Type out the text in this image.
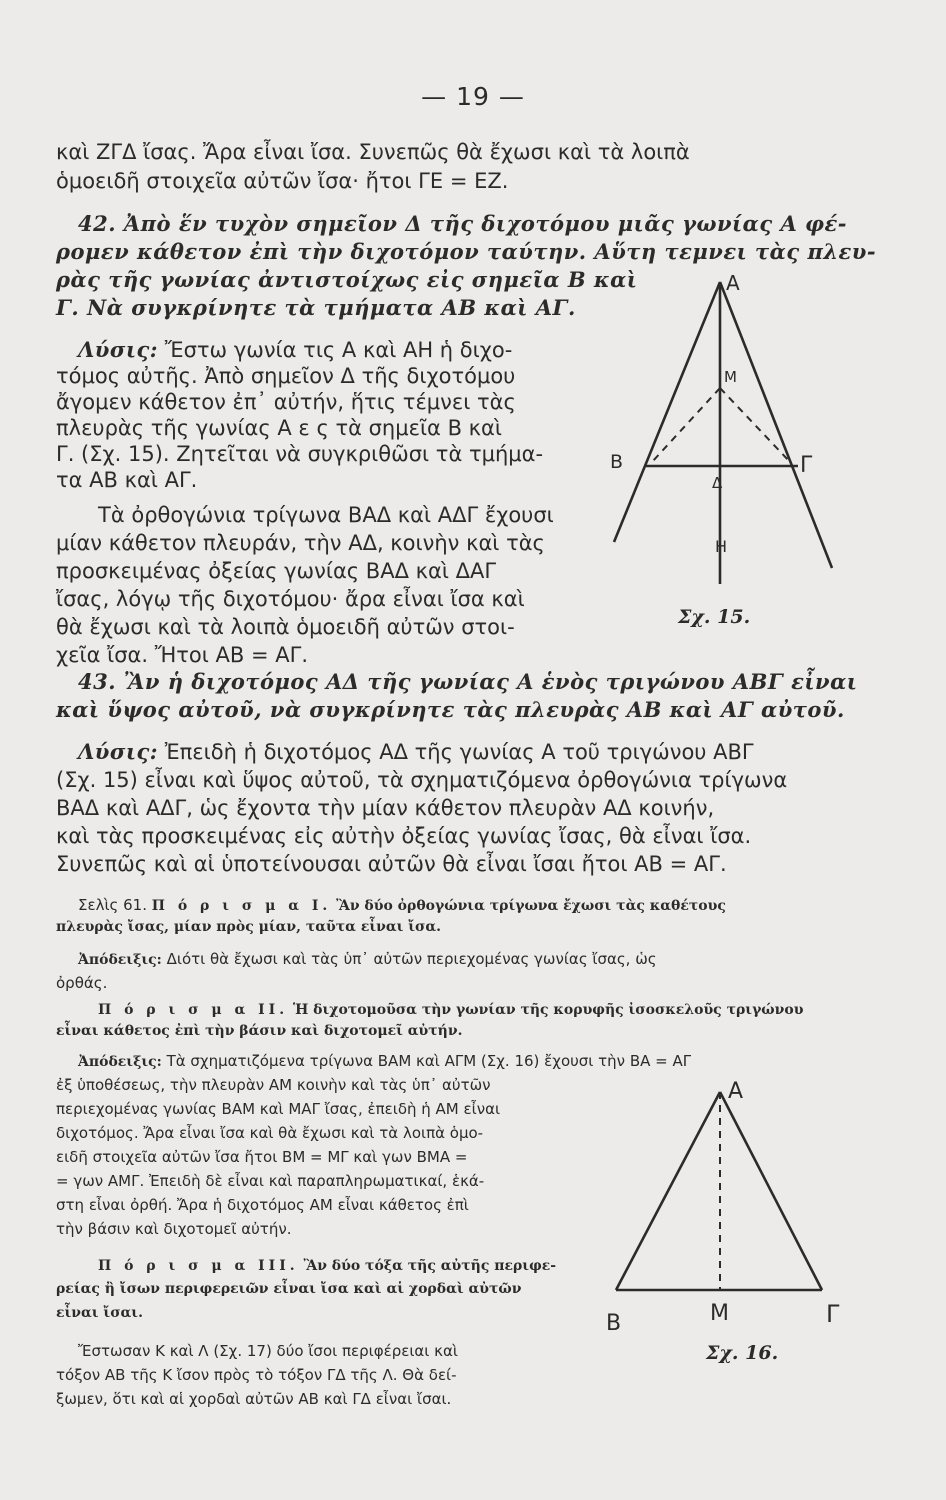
— 19 —
καὶ ΖΓΔ ἴσας. Ἄρα εἶναι ἴσα. Συνεπῶς θὰ ἔχωσι καὶ τὰ λοιπὰ
ὁμοειδῆ στοιχεῖα αὐτῶν ἴσα· ἤτοι ΓΕ = ΕΖ.
42. Ἀπὸ ἕν τυχὸν σημεῖον Δ τῆς διχοτόμου μιᾶς γωνίας Α φέ-
ρομεν κάθετον ἐπὶ τὴν διχοτόμον ταύτην. Αὕτη τεμνει τὰς πλευ-
ρὰς τῆς γωνίας ἀντιστοίχως εἰς σημεῖα Β καὶ
Γ. Νὰ συγκρίνητε τὰ τμήματα ΑΒ καὶ ΑΓ.
Λύσις: Ἔστω γωνία τις Α καὶ ΑΗ ἡ διχο-
τόμος αὐτῆς. Ἀπὸ σημεῖον Δ τῆς διχοτόμου
ἄγομεν κάθετον ἐπ᾽ αὐτήν, ἥτις τέμνει τὰς
πλευρὰς τῆς γωνίας Α ε ς τὰ σημεῖα Β καὶ
Γ. (Σχ. 15). Ζητεῖται νὰ συγκριθῶσι τὰ τμήμα-
τα ΑΒ καὶ ΑΓ.
Τὰ ὀρθογώνια τρίγωνα ΒΑΔ καὶ ΑΔΓ ἔχουσι
μίαν κάθετον πλευράν, τὴν ΑΔ, κοινὴν καὶ τὰς
προσκειμένας ὀξείας γωνίας ΒΑΔ καὶ ΔΑΓ
ἴσας, λόγῳ τῆς διχοτόμου· ἄρα εἶναι ἴσα καὶ
θὰ ἔχωσι καὶ τὰ λοιπὰ ὁμοειδῆ αὐτῶν στοι-
χεῖα ἴσα. Ἤτοι ΑΒ = ΑΓ.
A
M
B	Γ
Δ
H
Σχ. 15.
43. Ἂν ἡ διχοτόμος ΑΔ τῆς γωνίας Α ἑνὸς τριγώνου ΑΒΓ εἶναι
καὶ ὕψος αὐτοῦ, νὰ συγκρίνητε τὰς πλευρὰς ΑΒ καὶ ΑΓ αὐτοῦ.
Λύσις: Ἐπειδὴ ἡ διχοτόμος ΑΔ τῆς γωνίας Α τοῦ τριγώνου ΑΒΓ
(Σχ. 15) εἶναι καὶ ὕψος αὐτοῦ, τὰ σχηματιζόμενα ὀρθογώνια τρίγωνα
ΒΑΔ καὶ ΑΔΓ, ὡς ἔχοντα τὴν μίαν κάθετον πλευρὰν ΑΔ κοινήν,
καὶ τὰς προσκειμένας εἰς αὐτὴν ὀξείας γωνίας ἴσας, θὰ εἶναι ἴσα.
Συνεπῶς καὶ αἱ ὑποτείνουσαι αὐτῶν θὰ εἶναι ἴσαι ἤτοι ΑΒ = ΑΓ.
Σελὶς 61. Π ό ρ ι σ μ α Ι. Ἂν δύο ὀρθογώνια τρίγωνα ἔχωσι τὰς καθέτους
πλευρὰς ἴσας, μίαν πρὸς μίαν, ταῦτα εἶναι ἴσα.
Ἀπόδειξις: Διότι θὰ ἔχωσι καὶ τὰς ὑπ᾽ αὐτῶν περιεχομένας γωνίας ἴσας, ὡς
ὀρθάς.
Π ό ρ ι σ μ α ΙΙ. Ἡ διχοτομοῦσα τὴν γωνίαν τῆς κορυφῆς ἰσοσκελοῦς τριγώνου
εἶναι κάθετος ἐπὶ τὴν βάσιν καὶ διχοτομεῖ αὐτήν.
Ἀπόδειξις: Τὰ σχηματιζόμενα τρίγωνα ΒΑΜ καὶ ΑΓΜ (Σχ. 16) ἔχουσι τὴν ΒΑ = ΑΓ
ἐξ ὑποθέσεως, τὴν πλευρὰν ΑΜ κοινὴν καὶ τὰς ὑπ᾽ αὐτῶν
περιεχομένας γωνίας ΒΑΜ καὶ ΜΑΓ ἴσας, ἐπειδὴ ἡ ΑΜ εἶναι
διχοτόμος. Ἄρα εἶναι ἴσα καὶ θὰ ἔχωσι καὶ τὰ λοιπὰ ὁμο-
ειδῆ στοιχεῖα αὐτῶν ἴσα ἤτοι ΒΜ = ΜΓ καὶ γων ΒΜΑ =
= γων ΑΜΓ. Ἐπειδὴ δὲ εἶναι καὶ παραπληρωματικαί, ἑκά-
στη εἶναι ὀρθή. Ἄρα ἡ διχοτόμος ΑΜ εἶναι κάθετος ἐπὶ
τὴν βάσιν καὶ διχοτομεῖ αὐτήν.
Π ό ρ ι σ μ α ΙΙΙ. Ἂν δύο τόξα τῆς αὐτῆς περιφε-
ρείας ἢ ἴσων περιφερειῶν εἶναι ἴσα καὶ αἱ χορδαὶ αὐτῶν
εἶναι ἴσαι.
Ἔστωσαν Κ καὶ Λ (Σχ. 17) δύο ἴσοι περιφέρειαι καὶ
τόξον ΑΒ τῆς Κ ἴσον πρὸς τὸ τόξον ΓΔ τῆς Λ. Θὰ δεί-
ξωμεν, ὅτι καὶ αἱ χορδαὶ αὐτῶν ΑΒ καὶ ΓΔ εἶναι ἴσαι.
A
B	M	Γ
Σχ. 16.
